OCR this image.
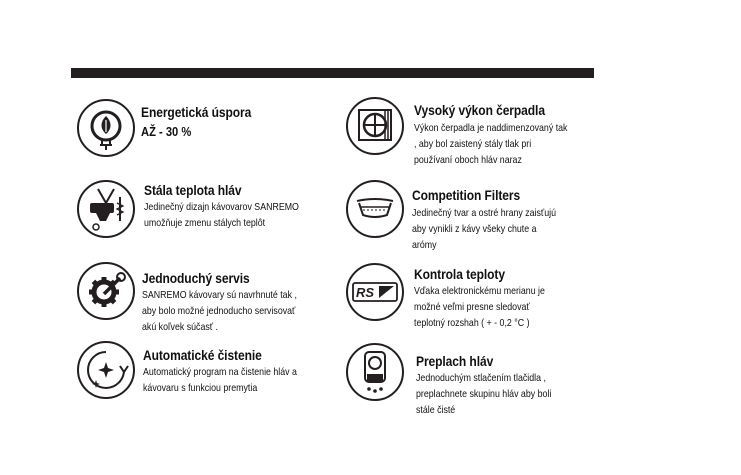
Energetická úspora
AŽ - 30 %
Vysoký výkon čerpadla
Výkon čerpadla je naddimenzovaný tak
, aby bol zaistený stály tlak pri
používaní oboch hláv naraz
Stála teplota hláv
Jedinečný dizajn kávovarov SANREMO
umožňuje zmenu stálych teplôt
Competition Filters
Jedinečný tvar a ostré hrany zaisťujú
aby vynikli z kávy všeky chute a
arómy
Jednoduchý servis
SANREMO kávovary sú navrhnuté tak ,
aby bolo možné jednoducho servisovať
akú koľvek súčasť .
RS
Kontrola teploty
Vďaka elektronickému merianu je
možné veľmi presne sledovať
teplotný rozshah ( + - 0,2 °C )
Automatické čistenie
Automatický program na čistenie hláv a
kávovaru s funkciou premytia
Preplach hláv
Jednoduchým stlačením tlačidla ,
preplachnete skupinu hláv aby boli
stále čisté
